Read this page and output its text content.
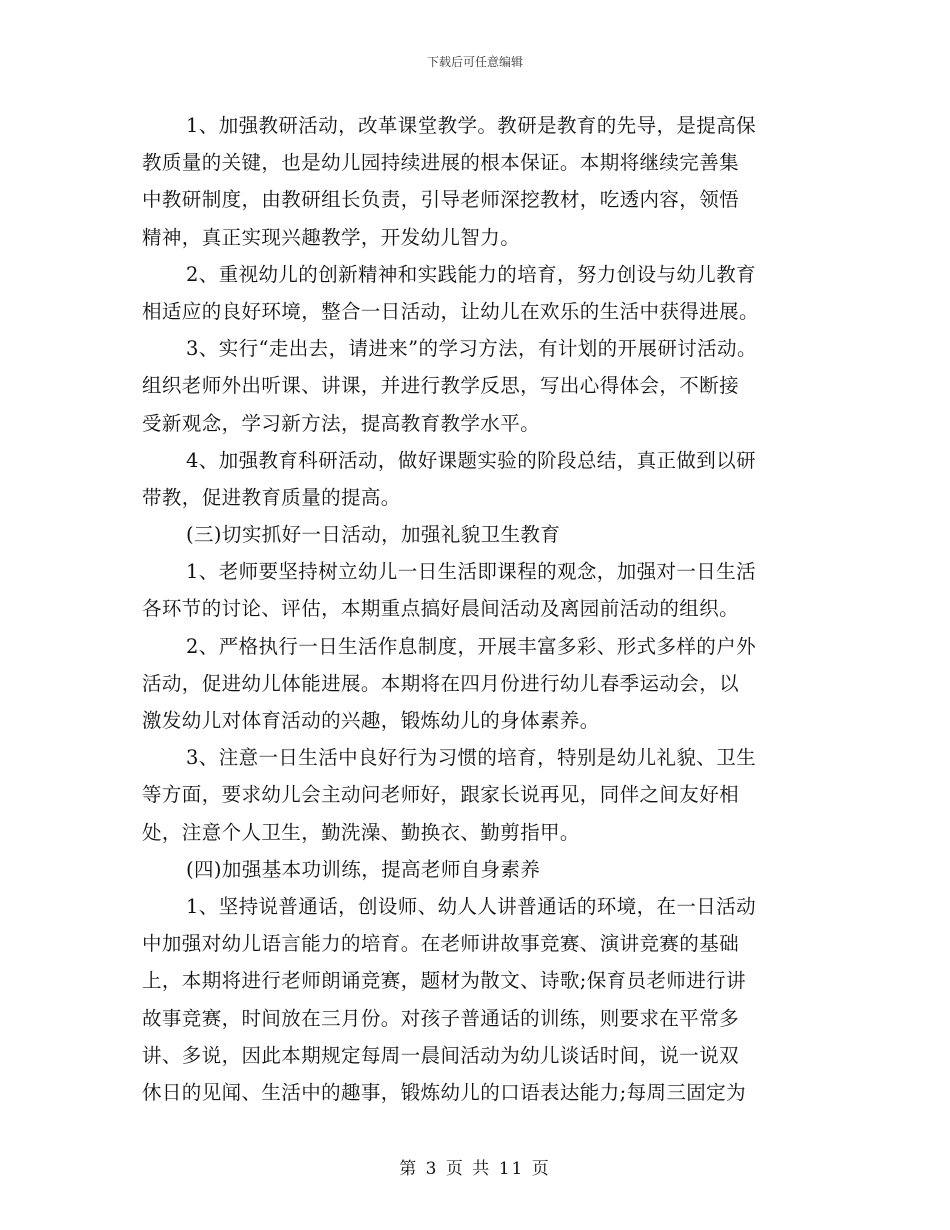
下载后可任意编辑
1、加强教研活动，改革课堂教学。教研是教育的先导，是提高保
教质量的关键，也是幼儿园持续进展的根本保证。本期将继续完善集
中教研制度，由教研组长负责，引导老师深挖教材，吃透内容，领悟
精神，真正实现兴趣教学，开发幼儿智力。
2、重视幼儿的创新精神和实践能力的培育，努力创设与幼儿教育
相适应的良好环境，整合一日活动，让幼儿在欢乐的生活中获得进展。
3、实行“走出去，请进来”的学习方法，有计划的开展研讨活动。
组织老师外出听课、讲课，并进行教学反思，写出心得体会，不断接
受新观念，学习新方法，提高教育教学水平。
4、加强教育科研活动，做好课题实验的阶段总结，真正做到以研
带教，促进教育质量的提高。
(三)切实抓好一日活动，加强礼貌卫生教育
1、老师要坚持树立幼儿一日生活即课程的观念，加强对一日生活
各环节的讨论、评估，本期重点搞好晨间活动及离园前活动的组织。
2、严格执行一日生活作息制度，开展丰富多彩、形式多样的户外
活动，促进幼儿体能进展。本期将在四月份进行幼儿春季运动会，以
激发幼儿对体育活动的兴趣，锻炼幼儿的身体素养。
3、注意一日生活中良好行为习惯的培育，特别是幼儿礼貌、卫生
等方面，要求幼儿会主动问老师好，跟家长说再见，同伴之间友好相
处，注意个人卫生，勤洗澡、勤换衣、勤剪指甲。
(四)加强基本功训练，提高老师自身素养
1、坚持说普通话，创设师、幼人人讲普通话的环境，在一日活动
中加强对幼儿语言能力的培育。在老师讲故事竞赛、演讲竞赛的基础
上，本期将进行老师朗诵竞赛，题材为散文、诗歌;保育员老师进行讲
故事竞赛，时间放在三月份。对孩子普通话的训练，则要求在平常多
讲、多说，因此本期规定每周一晨间活动为幼儿谈话时间，说一说双
休日的见闻、生活中的趣事，锻炼幼儿的口语表达能力;每周三固定为
第 3 页 共 11 页
